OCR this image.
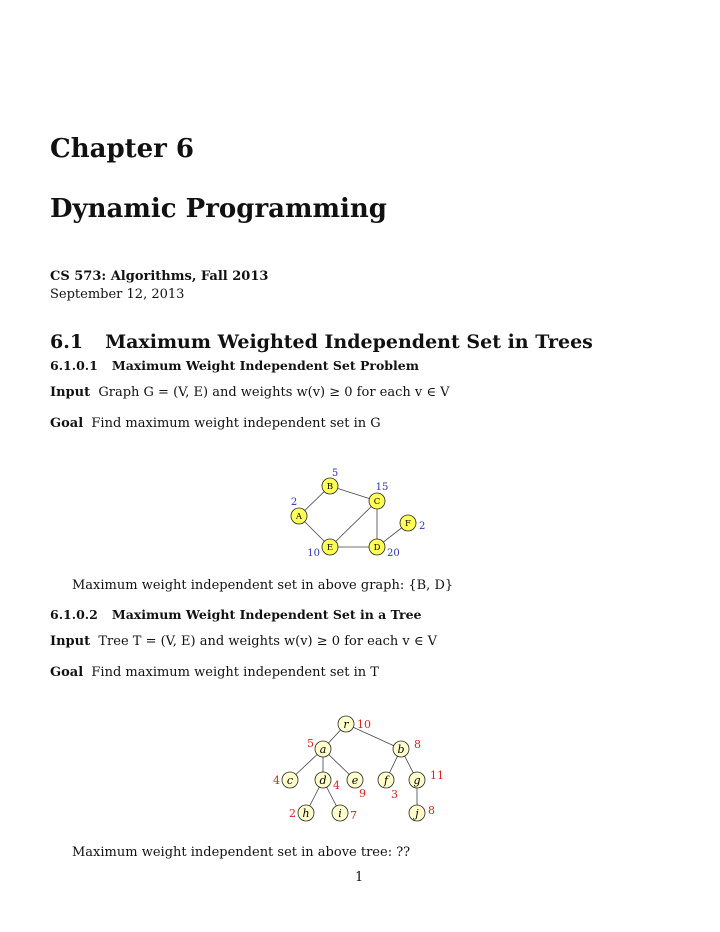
Chapter 6
Dynamic Programming
CS 573: Algorithms, Fall 2013
September 12, 2013
6.1 Maximum Weighted Independent Set in Trees
6.1.0.1 Maximum Weight Independent Set Problem
Input Graph G = (V, E) and weights w(v) ≥ 0 for each v ∈ V
Goal Find maximum weight independent set in G
B
5
C
15
A
2
F 2
E
10
D
20
Maximum weight independent set in above graph: {B, D}
6.1.0.2 Maximum Weight Independent Set in a Tree
Input Tree T = (V, E) and weights w(v) ≥ 0 for each v ∈ V
Goal Find maximum weight independent set in T
r 10
a
5	b 8
c
4	d 4 e
9
f
3
g 11
h
2	i 7	j 8
Maximum weight independent set in above tree: ??
1
